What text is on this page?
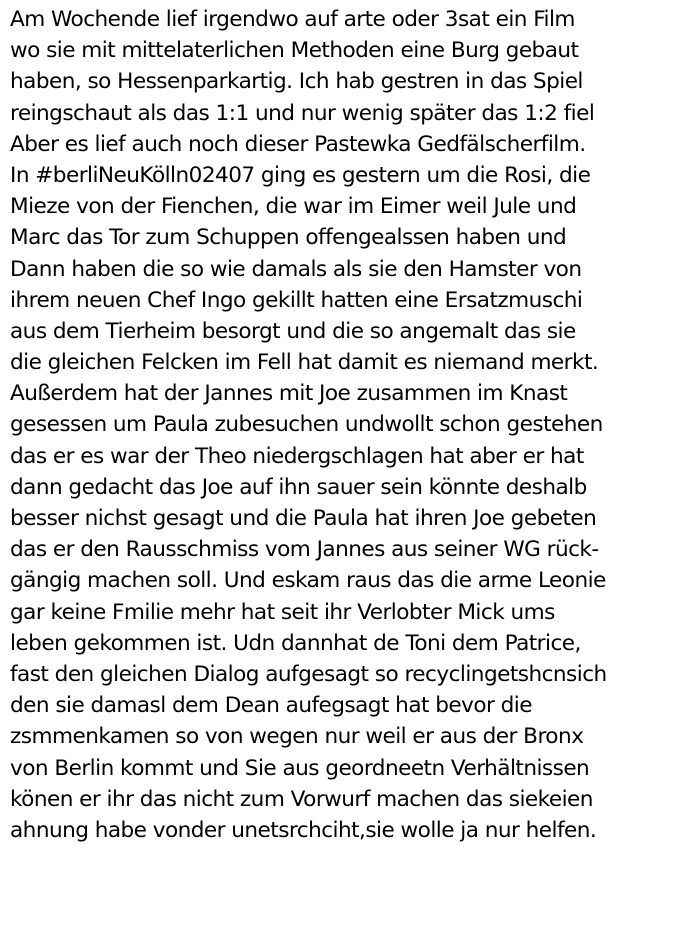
Am Wochende lief irgendwo auf arte oder 3sat ein Film
wo sie mit mittelaterlichen Methoden eine Burg gebaut
haben, so Hessenparkartig. Ich hab gestren in das Spiel
reingschaut als das 1:1 und nur wenig später das 1:2 fiel
Aber es lief auch noch dieser Pastewka Gedfälscherfilm.
In #berliNeuKölln02407 ging es gestern um die Rosi, die
Mieze von der Fienchen, die war im Eimer weil Jule und
Marc das Tor zum Schuppen offengealssen haben und
Dann haben die so wie damals als sie den Hamster von
ihrem neuen Chef Ingo gekillt hatten eine Ersatzmuschi
aus dem Tierheim besorgt und die so angemalt das sie
die gleichen Felcken im Fell hat damit es niemand merkt.
Außerdem hat der Jannes mit Joe zusammen im Knast
gesessen um Paula zubesuchen undwollt schon gestehen
das er es war der Theo niedergschlagen hat aber er hat
dann gedacht das Joe auf ihn sauer sein könnte deshalb
besser nichst gesagt und die Paula hat ihren Joe gebeten
das er den Rausschmiss vom Jannes aus seiner WG rück-
gängig machen soll. Und eskam raus das die arme Leonie
gar keine Fmilie mehr hat seit ihr Verlobter Mick ums
leben gekommen ist. Udn dannhat de Toni dem Patrice,
fast den gleichen Dialog aufgesagt so recyclingetshcnsich
den sie damasl dem Dean aufegsagt hat bevor die
zsmmenkamen so von wegen nur weil er aus der Bronx
von Berlin kommt und Sie aus geordneetn Verhältnissen
könen er ihr das nicht zum Vorwurf machen das siekeien
ahnung habe vonder unetsrchciht,sie wolle ja nur helfen.
